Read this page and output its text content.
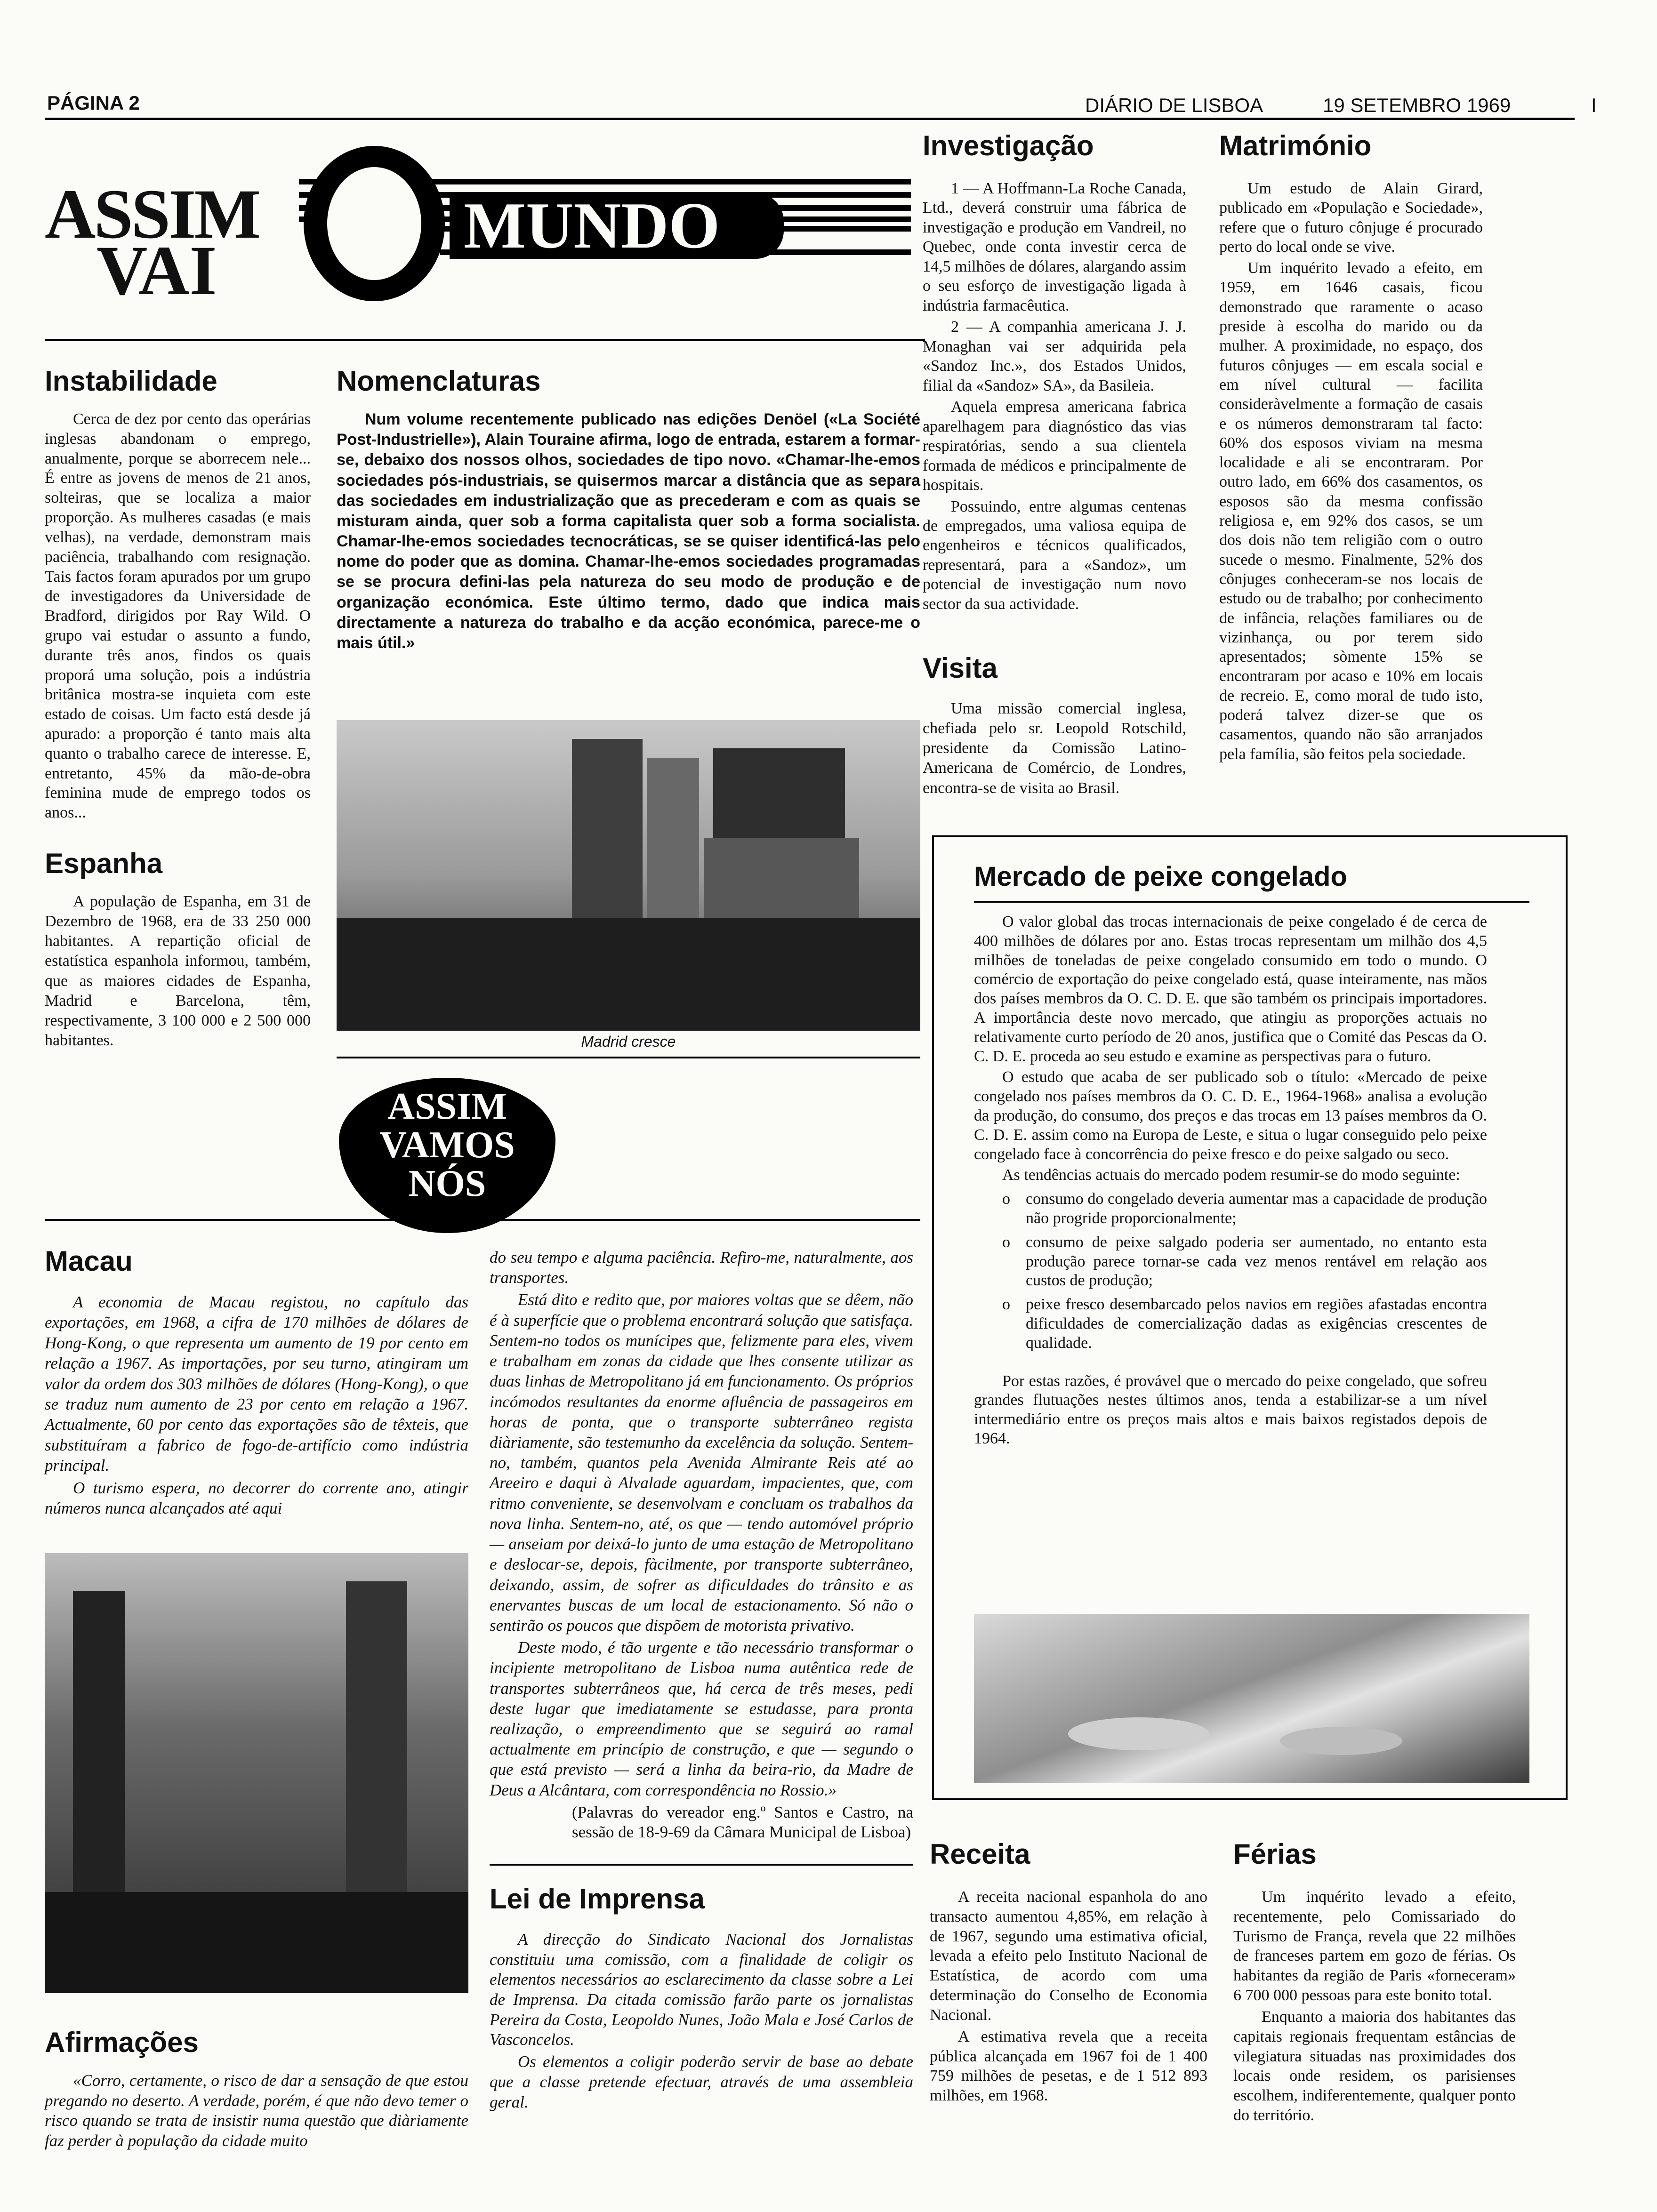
PÁGINA 2	DIÁRIO DE LISBOA	19 SETEMBRO 1969	I
ASSIM
VAI
MUNDO
Instabilidade

Cerca de dez por cento das operárias inglesas abandonam o emprego, anualmente, porque se aborrecem nele... É entre as jovens de menos de 21 anos, solteiras, que se localiza a maior proporção. As mulheres casadas (e mais velhas), na verdade, demonstram mais paciência, trabalhando com resignação. Tais factos foram apurados por um grupo de investigadores da Universidade de Bradford, dirigidos por Ray Wild. O grupo vai estudar o assunto a fundo, durante três anos, findos os quais proporá uma solução, pois a indústria britânica mostra-se inquieta com este estado de coisas. Um facto está desde já apurado: a proporção é tanto mais alta quanto o trabalho carece de interesse. E, entretanto, 45% da mão-de-obra feminina mude de emprego todos os anos...

Espanha

A população de Espanha, em 31 de Dezembro de 1968, era de 33 250 000 habitantes. A repartição oficial de estatística espanhola informou, também, que as maiores cidades de Espanha, Madrid e Barcelona, têm, respectivamente, 3 100 000 e 2 500 000 habitantes.

Nomenclaturas

Num volume recentemente publicado nas edições Denöel («La Société Post-Industrielle»), Alain Touraine afirma, logo de entrada, estarem a formar-se, debaixo dos nossos olhos, sociedades de tipo novo. «Chamar-lhe-emos sociedades pós-industriais, se quisermos marcar a distância que as separa das sociedades em industrialização que as precederam e com as quais se misturam ainda, quer sob a forma capitalista quer sob a forma socialista. Chamar-lhe-emos sociedades tecnocráticas, se se quiser identificá-las pelo nome do poder que as domina. Chamar-lhe-emos sociedades programadas se se procura defini-las pela natureza do seu modo de produção e de organização económica. Este último termo, dado que indica mais directamente a natureza do trabalho e da acção económica, parece-me o mais útil.»

Madrid cresce
ASSIM
VAMOS
NÓS
Investigação

1 — A Hoffmann-La Roche Canada, Ltd., deverá construir uma fábrica de investigação e produção em Vandreil, no Quebec, onde conta investir cerca de 14,5 milhões de dólares, alargando assim o seu esforço de investigação ligada à indústria farmacêutica.

2 — A companhia americana J. J. Monaghan vai ser adquirida pela «Sandoz Inc.», dos Estados Unidos, filial da «Sandoz» SA», da Basileia.

Aquela empresa americana fabrica aparelhagem para diagnóstico das vias respiratórias, sendo a sua clientela formada de médicos e principalmente de hospitais.

Possuindo, entre algumas centenas de empregados, uma valiosa equipa de engenheiros e técnicos qualificados, representará, para a «Sandoz», um potencial de investigação num novo sector da sua actividade.

Visita

Uma missão comercial inglesa, chefiada pelo sr. Leopold Rotschild, presidente da Comissão Latino-Americana de Comércio, de Londres, encontra-se de visita ao Brasil.

Matrimónio

Um estudo de Alain Girard, publicado em «População e Sociedade», refere que o futuro cônjuge é procurado perto do local onde se vive.

Um inquérito levado a efeito, em 1959, em 1646 casais, ficou demonstrado que raramente o acaso preside à escolha do marido ou da mulher. A proximidade, no espaço, dos futuros cônjuges — em escala social e em nível cultural — facilita consideràvelmente a formação de casais e os números demonstraram tal facto: 60% dos esposos viviam na mesma localidade e ali se encontraram. Por outro lado, em 66% dos casamentos, os esposos são da mesma confissão religiosa e, em 92% dos casos, se um dos dois não tem religião com o outro sucede o mesmo. Finalmente, 52% dos cônjuges conheceram-se nos locais de estudo ou de trabalho; por conhecimento de infância, relações familiares ou de vizinhança, ou por terem sido apresentados; sòmente 15% se encontraram por acaso e 10% em locais de recreio. E, como moral de tudo isto, poderá talvez dizer-se que os casamentos, quando não são arranjados pela família, são feitos pela sociedade.

Mercado de peixe congelado

O valor global das trocas internacionais de peixe congelado é de cerca de 400 milhões de dólares por ano. Estas trocas representam um milhão dos 4,5 milhões de toneladas de peixe congelado consumido em todo o mundo. O comércio de exportação do peixe congelado está, quase inteiramente, nas mãos dos países membros da O. C. D. E. que são também os principais importadores. A importância deste novo mercado, que atingiu as proporções actuais no relativamente curto período de 20 anos, justifica que o Comité das Pescas da O. C. D. E. proceda ao seu estudo e examine as perspectivas para o futuro.

O estudo que acaba de ser publicado sob o título: «Mercado de peixe congelado nos países membros da O. C. D. E., 1964-1968» analisa a evolução da produção, do consumo, dos preços e das trocas em 13 países membros da O. C. D. E. assim como na Europa de Leste, e situa o lugar conseguido pelo peixe congelado face à concorrência do peixe fresco e do peixe salgado ou seco.

As tendências actuais do mercado podem resumir-se do modo seguinte:

o consumo do congelado deveria aumentar mas a capacidade de produção não progride proporcionalmente;
o consumo de peixe salgado poderia ser aumentado, no entanto esta produção parece tornar-se cada vez menos rentável em relação aos custos de produção;
o peixe fresco desembarcado pelos navios em regiões afastadas encontra dificuldades de comercialização dadas as exigências crescentes de qualidade.

Por estas razões, é provável que o mercado do peixe congelado, que sofreu grandes flutuações nestes últimos anos, tenda a estabilizar-se a um nível intermediário entre os preços mais altos e mais baixos registados depois de 1964.

Macau

A economia de Macau registou, no capítulo das exportações, em 1968, a cifra de 170 milhões de dólares de Hong-Kong, o que representa um aumento de 19 por cento em relação a 1967. As importações, por seu turno, atingiram um valor da ordem dos 303 milhões de dólares (Hong-Kong), o que se traduz num aumento de 23 por cento em relação a 1967. Actualmente, 60 por cento das exportações são de têxteis, que substituíram a fabrico de fogo-de-artifício como indústria principal.

O turismo espera, no decorrer do corrente ano, atingir números nunca alcançados até aqui

Afirmações

«Corro, certamente, o risco de dar a sensação de que estou pregando no deserto. A verdade, porém, é que não devo temer o risco quando se trata de insistir numa questão que diàriamente faz perder à população da cidade muito

do seu tempo e alguma paciência. Refiro-me, naturalmente, aos transportes.

Está dito e redito que, por maiores voltas que se dêem, não é à superfície que o problema encontrará solução que satisfaça. Sentem-no todos os munícipes que, felizmente para eles, vivem e trabalham em zonas da cidade que lhes consente utilizar as duas linhas de Metropolitano já em funcionamento. Os próprios incómodos resultantes da enorme afluência de passageiros em horas de ponta, que o transporte subterrâneo regista diàriamente, são testemunho da excelência da solução. Sentem-no, também, quantos pela Avenida Almirante Reis até ao Areeiro e daqui à Alvalade aguardam, impacientes, que, com ritmo conveniente, se desenvolvam e concluam os trabalhos da nova linha. Sentem-no, até, os que — tendo automóvel próprio — anseiam por deixá-lo junto de uma estação de Metropolitano e deslocar-se, depois, fàcilmente, por transporte subterrâneo, deixando, assim, de sofrer as dificuldades do trânsito e as enervantes buscas de um local de estacionamento. Só não o sentirão os poucos que dispõem de motorista privativo.

Deste modo, é tão urgente e tão necessário transformar o incipiente metropolitano de Lisboa numa autêntica rede de transportes subterrâneos que, há cerca de três meses, pedi deste lugar que imediatamente se estudasse, para pronta realização, o empreendimento que se seguirá ao ramal actualmente em princípio de construção, e que — segundo o que está previsto — será a linha da beira-rio, da Madre de Deus a Alcântara, com correspondência no Rossio.»

(Palavras do vereador eng.º Santos e Castro, na sessão de 18-9-69 da Câmara Municipal de Lisboa)

Lei de Imprensa

A direcção do Sindicato Nacional dos Jornalistas constituiu uma comissão, com a finalidade de coligir os elementos necessários ao esclarecimento da classe sobre a Lei de Imprensa. Da citada comissão farão parte os jornalistas Pereira da Costa, Leopoldo Nunes, João Mala e José Carlos de Vasconcelos.

Os elementos a coligir poderão servir de base ao debate que a classe pretende efectuar, através de uma assembleia geral.

Receita

A receita nacional espanhola do ano transacto aumentou 4,85%, em relação à de 1967, segundo uma estimativa oficial, levada a efeito pelo Instituto Nacional de Estatística, de acordo com uma determinação do Conselho de Economia Nacional.

A estimativa revela que a receita pública alcançada em 1967 foi de 1 400 759 milhões de pesetas, e de 1 512 893 milhões, em 1968.

Férias

Um inquérito levado a efeito, recentemente, pelo Comissariado do Turismo de França, revela que 22 milhões de franceses partem em gozo de férias. Os habitantes da região de Paris «forneceram» 6 700 000 pessoas para este bonito total.

Enquanto a maioria dos habitantes das capitais regionais frequentam estâncias de vilegiatura situadas nas proximidades dos locais onde residem, os parisienses escolhem, indiferentemente, qualquer ponto do território.
